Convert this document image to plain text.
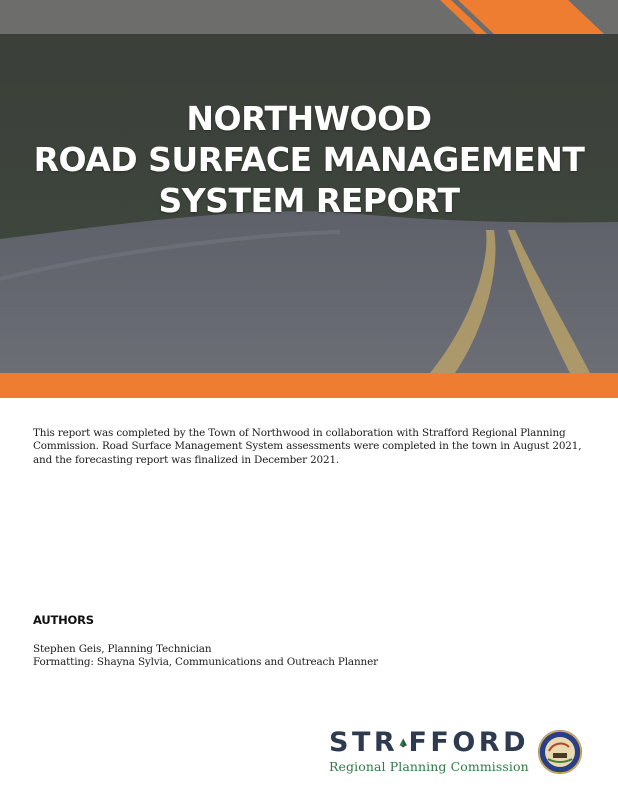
NORTHWOOD
ROAD SURFACE MANAGEMENT
SYSTEM REPORT

This report was completed by the Town of Northwood in collaboration with Strafford Regional Planning Commission. Road Surface Management System assessments were completed in the town in August 2021, and the forecasting report was finalized in December 2021.

AUTHORS
Stephen Geis, Planning Technician
Formatting: Shayna Sylvia, Communications and Outreach Planner
STR FFORD
Regional Planning Commission
